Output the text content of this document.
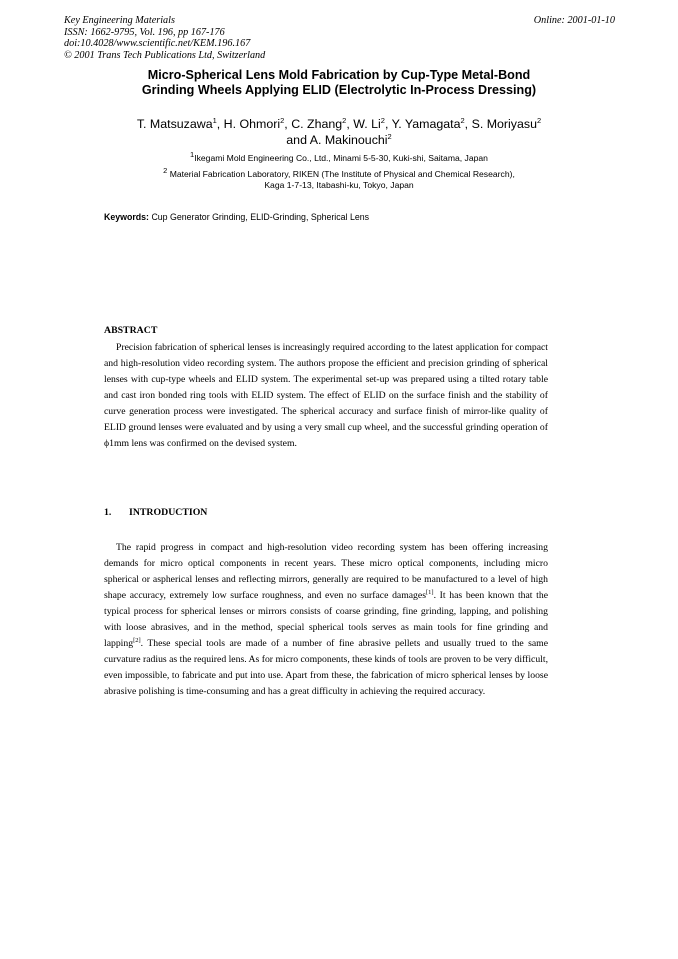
Key Engineering Materials
ISSN: 1662-9795, Vol. 196, pp 167-176
doi:10.4028/www.scientific.net/KEM.196.167
© 2001 Trans Tech Publications Ltd, Switzerland
Online: 2001-01-10
Micro-Spherical Lens Mold Fabrication by Cup-Type Metal-Bond
Grinding Wheels Applying ELID (Electrolytic In-Process Dressing)
T. Matsuzawa$^1$, H. Ohmori$^2$, C. Zhang$^2$, W. Li$^2$, Y. Yamagata$^2$, S. Moriyasu$^2$
and A. Makinouchi$^2$
$^1$Ikegami Mold Engineering Co., Ltd., Minami 5-5-30, Kuki-shi, Saitama, Japan
$^2$ Material Fabrication Laboratory, RIKEN (The Institute of Physical and Chemical Research),
Kaga 1-7-13, Itabashi-ku, Tokyo, Japan
Keywords: Cup Generator Grinding, ELID-Grinding, Spherical Lens
ABSTRACT

Precision fabrication of spherical lenses is increasingly required according to the latest application for compact and high-resolution video recording system. The authors propose the efficient and precision grinding of spherical lenses with cup-type wheels and ELID system. The experimental set-up was prepared using a tilted rotary table and cast iron bonded ring tools with ELID system. The effect of ELID on the surface finish and the stability of curve generation process were investigated. The spherical accuracy and surface finish of mirror-like quality of ELID ground lenses were evaluated and by using a very small cup wheel, and the successful grinding operation of ϕ1mm lens was confirmed on the devised system.

1. INTRODUCTION

The rapid progress in compact and high-resolution video recording system has been offering increasing demands for micro optical components in recent years. These micro optical components, including micro spherical or aspherical lenses and reflecting mirrors, generally are required to be manufactured to a level of high shape accuracy, extremely low surface roughness, and even no surface damages[1]. It has been known that the typical process for spherical lenses or mirrors consists of coarse grinding, fine grinding, lapping, and polishing with loose abrasives, and in the method, special spherical tools serves as main tools for fine grinding and lapping[2]. These special tools are made of a number of fine abrasive pellets and usually trued to the same curvature radius as the required lens. As for micro components, these kinds of tools are proven to be very difficult, even impossible, to fabricate and put into use. Apart from these, the fabrication of micro spherical lenses by loose abrasive polishing is time-consuming and has a great difficulty in achieving the required accuracy.
